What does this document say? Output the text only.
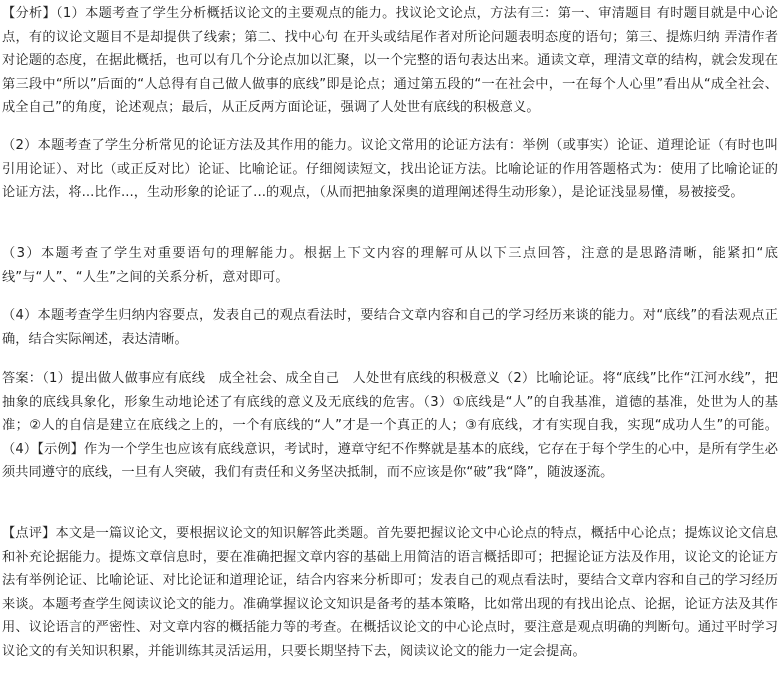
【分析】（1）本题考查了学生分析概括议论文的主要观点的能力。找议论文论点，方法有三：第一、审清题目 有时题目就是中心论点，有的议论文题目不是却提供了线索；第二、找中心句 在开头或结尾作者对所论问题表明态度的语句；第三、提炼归纳 弄清作者对论题的态度，在据此概括，也可以有几个分论点加以汇聚，以一个完整的语句表达出来。通读文章，理清文章的结构，就会发现在第三段中“所以”后面的“人总得有自己做人做事的底线”即是论点；通过第五段的“一在社会中，一在每个人心里”看出从“成全社会、成全自己”的角度，论述观点；最后，从正反两方面论证，强调了人处世有底线的积极意义。

（2）本题考查了学生分析常见的论证方法及其作用的能力。议论文常用的论证方法有：举例（或事实）论证、道理论证（有时也叫引用论证）、对比（或正反对比）论证、比喻论证。仔细阅读短文，找出论证方法。比喻论证的作用答题格式为：使用了比喻论证的论证方法，将...比作...，生动形象的论证了...的观点，（从而把抽象深奥的道理阐述得生动形象），是论证浅显易懂，易被接受。

（3）本题考查了学生对重要语句的理解能力。根据上下文内容的理解可从以下三点回答，注意的是思路清晰，能紧扣“底线”与“人”、“人生”之间的关系分析，意对即可。

（4）本题考查学生归纳内容要点，发表自己的观点看法时，要结合文章内容和自己的学习经历来谈的能力。对“底线”的看法观点正确，结合实际阐述，表达清晰。

答案：（1）提出做人做事应有底线　成全社会、成全自己　人处世有底线的积极意义（2）比喻论证。将“底线”比作“江河水线”，把抽象的底线具象化，形象生动地论述了有底线的意义及无底线的危害。（3）①底线是“人”的自我基准，道德的基准，处世为人的基准；②人的自信是建立在底线之上的，一个有底线的“人”才是一个真正的人；③有底线，才有实现自我，实现“成功人生”的可能。（4）【示例】作为一个学生也应该有底线意识，考试时，遵章守纪不作弊就是基本的底线，它存在于每个学生的心中，是所有学生必须共同遵守的底线，一旦有人突破，我们有责任和义务坚决抵制，而不应该是你“破”我“降”，随波逐流。

【点评】本文是一篇议论文，要根据议论文的知识解答此类题。首先要把握议论文中心论点的特点，概括中心论点；提炼议论文信息和补充论据能力。提炼文章信息时，要在准确把握文章内容的基础上用简洁的语言概括即可；把握论证方法及作用，议论文的论证方法有举例论证、比喻论证、对比论证和道理论证，结合内容来分析即可；发表自己的观点看法时，要结合文章内容和自己的学习经历来谈。本题考查学生阅读议论文的能力。准确掌握议论文知识是备考的基本策略，比如常出现的有找出论点、论据，论证方法及其作用、议论语言的严密性、对文章内容的概括能力等的考查。在概括议论文的中心论点时，要注意是观点明确的判断句。通过平时学习议论文的有关知识积累，并能训练其灵活运用，只要长期坚持下去，阅读议论文的能力一定会提高。
